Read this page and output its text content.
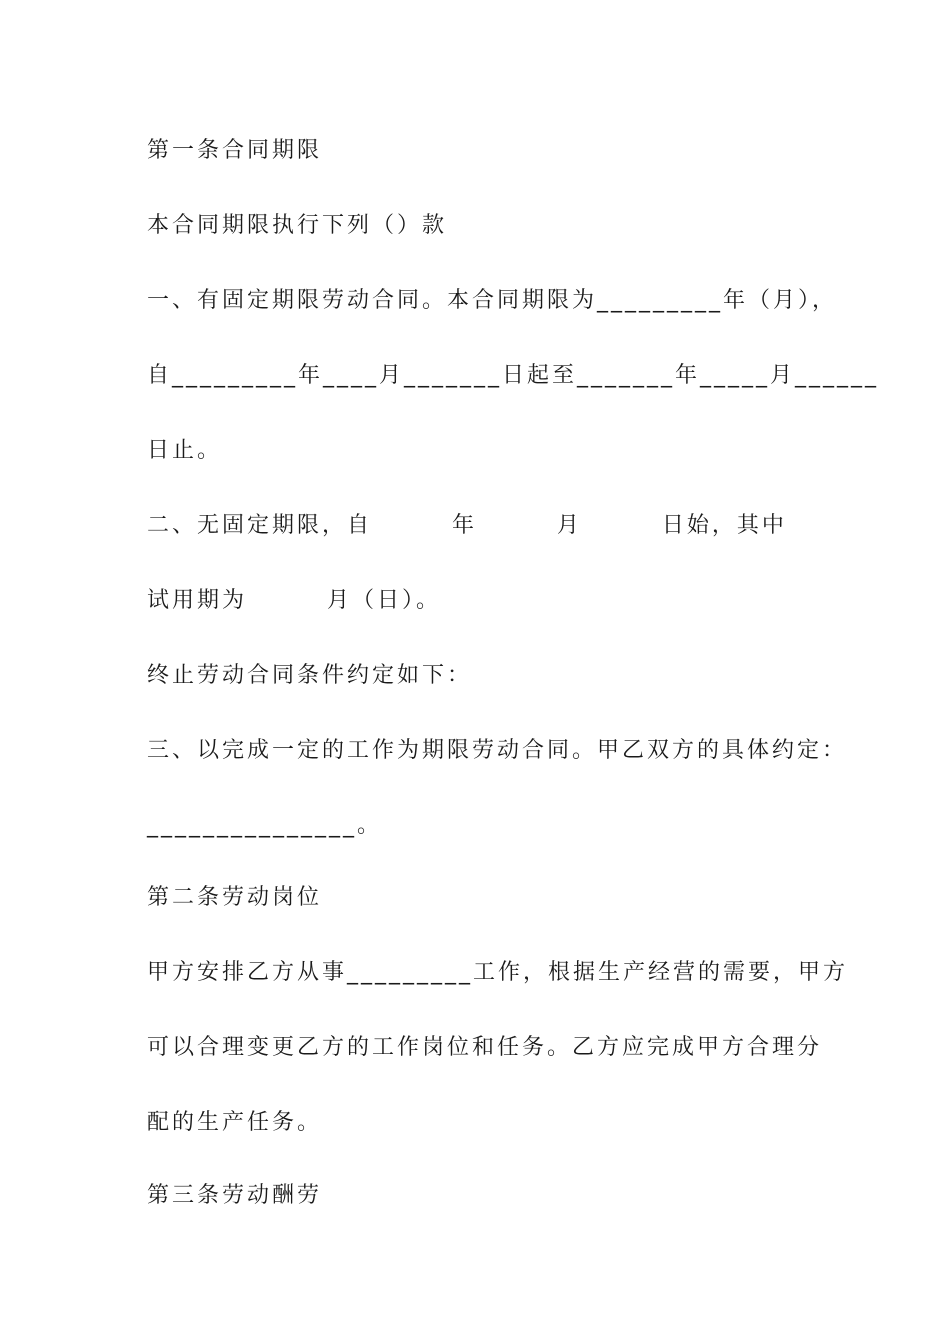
第一条合同期限
本合同期限执行下列（）款
一、有固定期限劳动合同。本合同期限为_________年（月），
自_________年____月_______日起至_______年_____月______
日止。
二、无固定期限，自        年        月        日始，其中
试用期为        月（日）。
终止劳动合同条件约定如下：
三、以完成一定的工作为期限劳动合同。甲乙双方的具体约定：
_______________。
第二条劳动岗位
甲方安排乙方从事_________工作，根据生产经营的需要，甲方
可以合理变更乙方的工作岗位和任务。乙方应完成甲方合理分
配的生产任务。
第三条劳动酬劳
